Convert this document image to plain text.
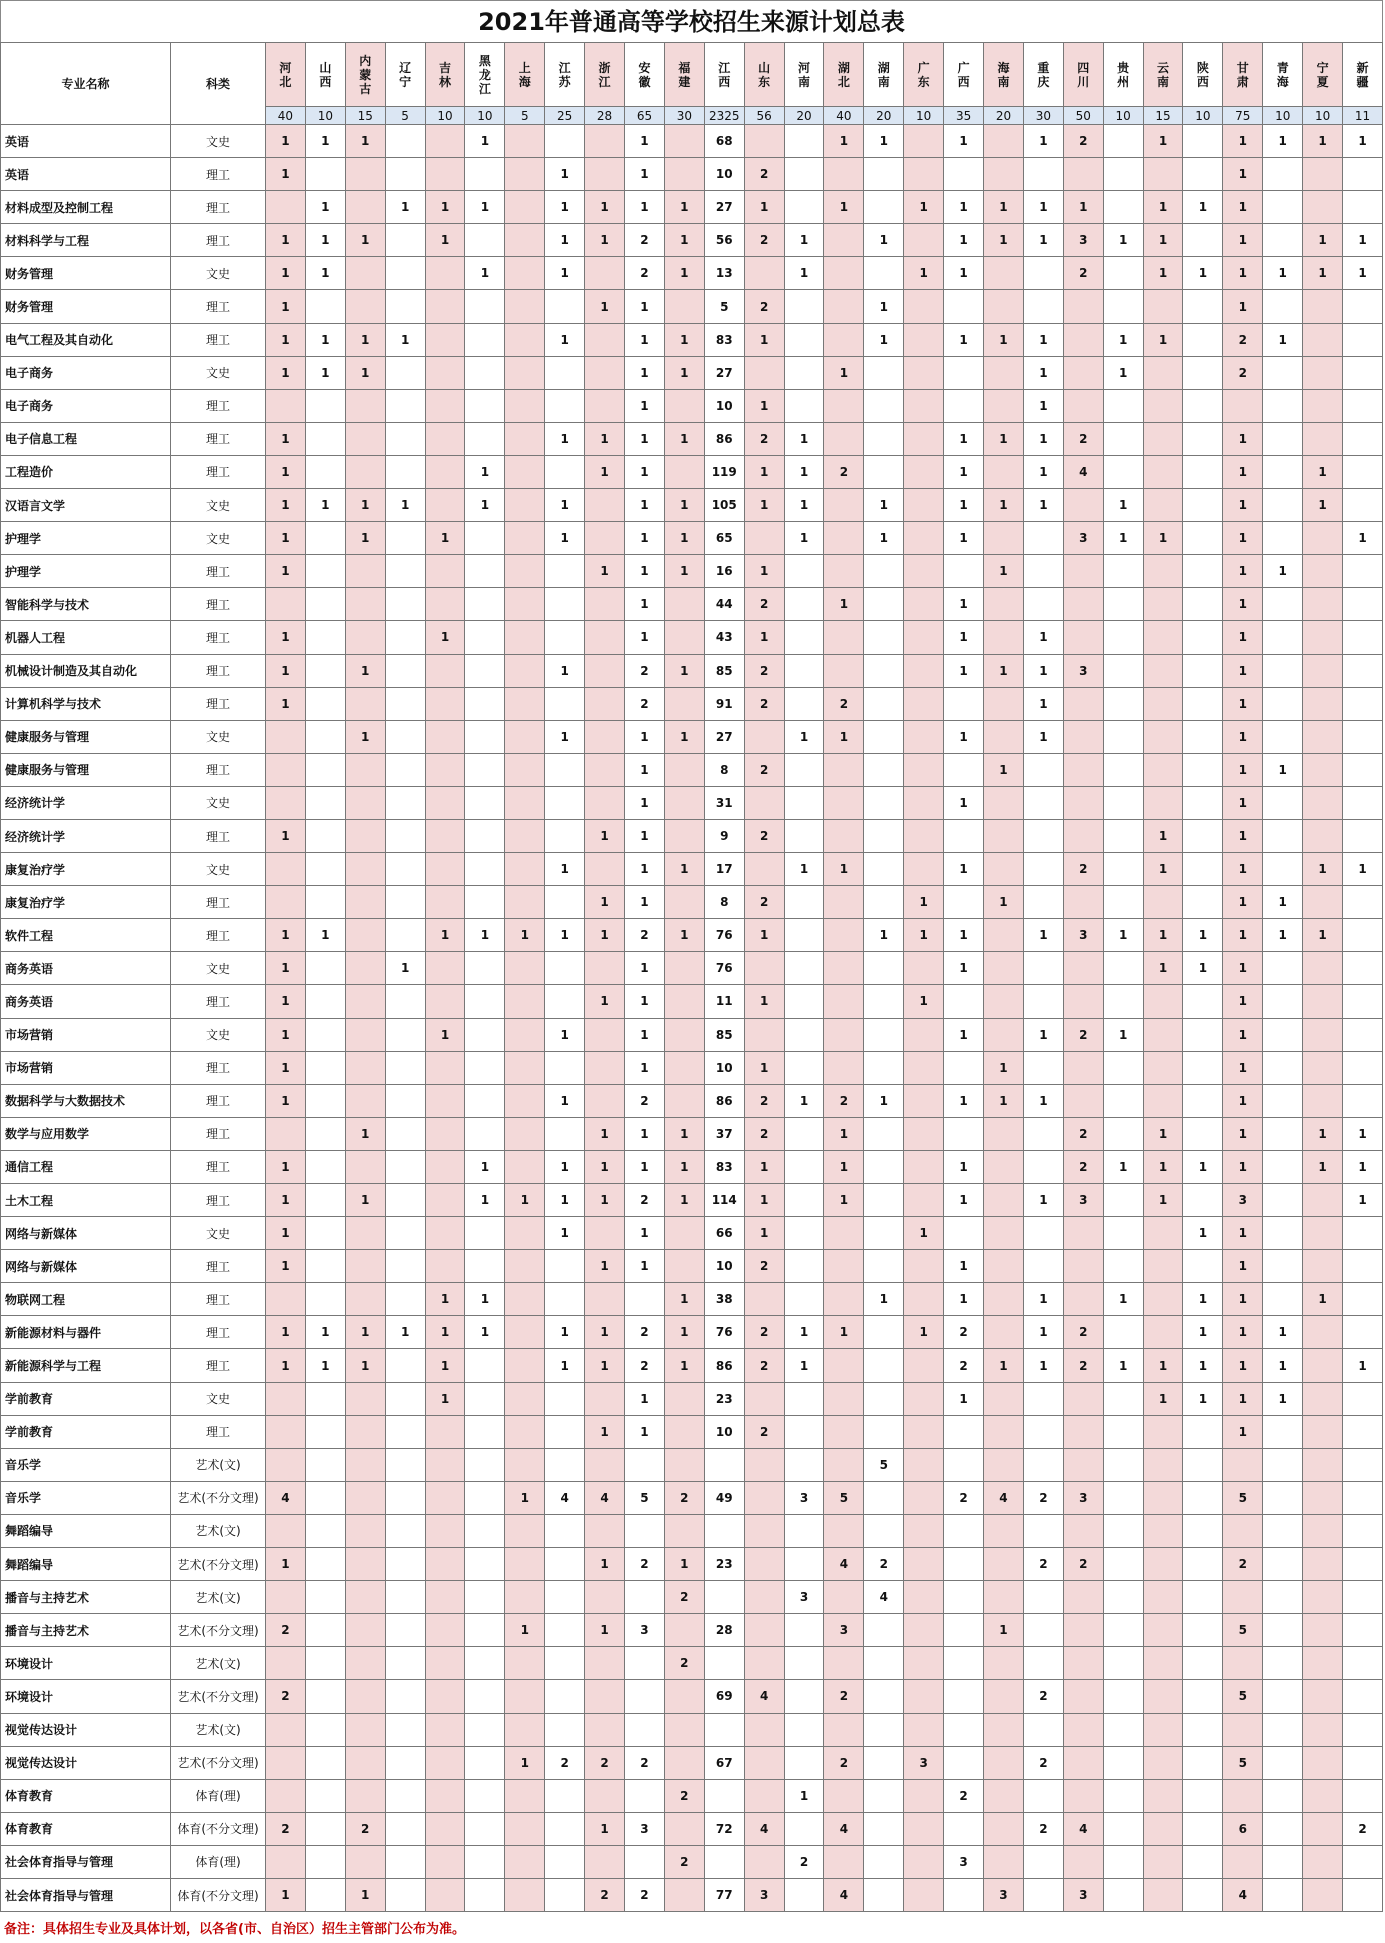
2021年普通高等学校招生来源计划总表
专业名称	科类	河北	山西	内蒙古	辽宁	吉林	黑龙江	上海	江苏	浙江	安徽	福建	江西	山东	河南	湖北	湖南	广东	广西	海南	重庆	四川	贵州	云南	陕西	甘肃	青海	宁夏	新疆
		40	10	15	5	10	10	5	25	28	65	30	2325	56	20	40	20	10	35	20	30	50	10	15	10	75	10	10	11
英语	文史	1	1	1			1				1		68			1	1		1		1	2		1		1	1	1	1
英语	理工	1							1		1		10	2												1			
材料成型及控制工程	理工		1		1	1	1		1	1	1	1	27	1		1		1	1	1	1	1		1	1	1			
材料科学与工程	理工	1	1	1		1			1	1	2	1	56	2	1		1		1	1	1	3	1	1		1		1	1
财务管理	文史	1	1				1		1		2	1	13		1			1	1			2		1	1	1	1	1	1
财务管理	理工	1								1	1		5	2			1									1			
电气工程及其自动化	理工	1	1	1	1				1		1	1	83	1			1		1	1	1		1	1		2	1		
电子商务	文史	1	1	1							1	1	27			1					1		1			2			
电子商务	理工										1		10	1							1								
电子信息工程	理工	1							1	1	1	1	86	2	1				1	1	1	2				1			
工程造价	理工	1					1			1	1		119	1	1	2			1		1	4				1		1	
汉语言文学	文史	1	1	1	1		1		1		1	1	105	1	1		1		1	1	1		1			1		1	
护理学	文史	1		1		1			1		1	1	65		1		1		1			3	1	1		1			1
护理学	理工	1								1	1	1	16	1						1						1	1		
智能科学与技术	理工										1		44	2		1			1							1			
机器人工程	理工	1				1					1		43	1					1		1					1			
机械设计制造及其自动化	理工	1		1					1		2	1	85	2					1	1	1	3				1			
计算机科学与技术	理工	1									2		91	2		2					1					1			
健康服务与管理	文史			1					1		1	1	27		1	1			1		1					1			
健康服务与管理	理工										1		8	2						1						1	1		
经济统计学	文史										1		31						1							1			
经济统计学	理工	1								1	1		9	2										1		1			
康复治疗学	文史								1		1	1	17		1	1			1			2		1		1		1	1
康复治疗学	理工									1	1		8	2				1		1						1	1		
软件工程	理工	1	1			1	1	1	1	1	2	1	76	1			1	1	1		1	3	1	1	1	1	1	1	
商务英语	文史	1			1						1		76						1					1	1	1			
商务英语	理工	1								1	1		11	1				1								1			
市场营销	文史	1				1			1		1		85						1		1	2	1			1			
市场营销	理工	1									1		10	1						1						1			
数据科学与大数据技术	理工	1							1		2		86	2	1	2	1		1	1	1					1			
数学与应用数学	理工			1						1	1	1	37	2		1						2		1		1		1	1
通信工程	理工	1					1		1	1	1	1	83	1		1			1			2	1	1	1	1		1	1
土木工程	理工	1		1			1	1	1	1	2	1	114	1		1			1		1	3		1		3			1
网络与新媒体	文史	1							1		1		66	1				1							1	1			
网络与新媒体	理工	1								1	1		10	2					1							1			
物联网工程	理工					1	1					1	38				1		1		1		1		1	1		1	
新能源材料与器件	理工	1	1	1	1	1	1		1	1	2	1	76	2	1	1		1	2		1	2			1	1	1		
新能源科学与工程	理工	1	1	1		1			1	1	2	1	86	2	1				2	1	1	2	1	1	1	1	1		1
学前教育	文史					1					1		23						1					1	1	1	1		
学前教育	理工									1	1		10	2												1			
音乐学	艺术(文)																5												
音乐学	艺术(不分文理)	4						1	4	4	5	2	49		3	5			2	4	2	3				5			
舞蹈编导	艺术(文)																												
舞蹈编导	艺术(不分文理)	1								1	2	1	23			4	2				2	2				2			
播音与主持艺术	艺术(文)											2			3		4												
播音与主持艺术	艺术(不分文理)	2						1		1	3		28			3				1						5			
环境设计	艺术(文)											2																	
环境设计	艺术(不分文理)	2											69	4		2					2					5			
视觉传达设计	艺术(文)																												
视觉传达设计	艺术(不分文理)							1	2	2	2		67			2		3			2					5			
体育教育	体育(理)											2			1				2										
体育教育	体育(不分文理)	2		2						1	3		72	4		4					2	4				6			2
社会体育指导与管理	体育(理)											2			2				3										
社会体育指导与管理	体育(不分文理)	1		1						2	2		77	3		4				3		3				4			
备注：具体招生专业及具体计划，以各省(市、自治区）招生主管部门公布为准。
